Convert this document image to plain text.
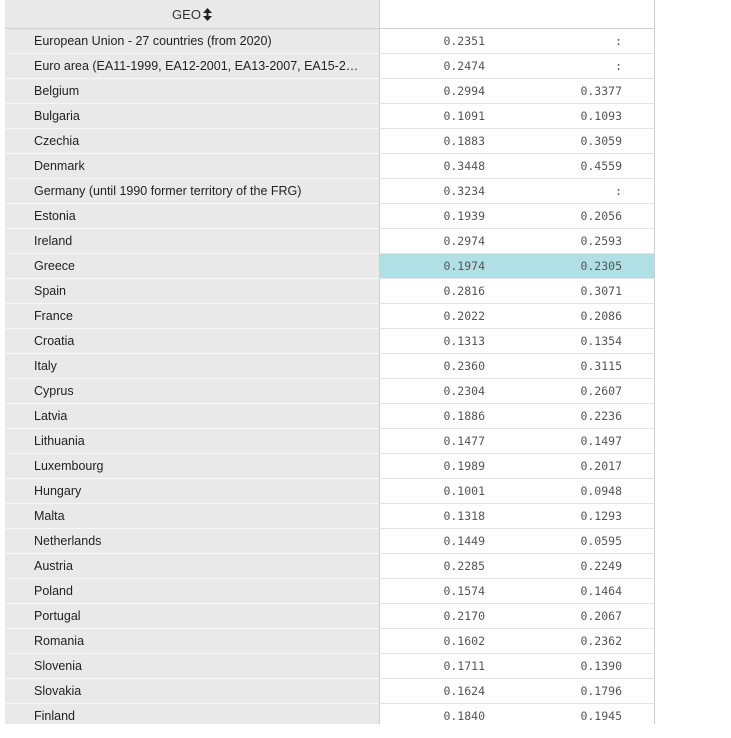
GEO
European Union - 27 countries (from 2020)	0.2351	:
Euro area (EA11-1999, EA12-2001, EA13-2007, EA15-2…	0.2474	:
Belgium	0.2994	0.3377
Bulgaria	0.1091	0.1093
Czechia	0.1883	0.3059
Denmark	0.3448	0.4559
Germany (until 1990 former territory of the FRG)	0.3234	:
Estonia	0.1939	0.2056
Ireland	0.2974	0.2593
Greece	0.1974	0.2305
Spain	0.2816	0.3071
France	0.2022	0.2086
Croatia	0.1313	0.1354
Italy	0.2360	0.3115
Cyprus	0.2304	0.2607
Latvia	0.1886	0.2236
Lithuania	0.1477	0.1497
Luxembourg	0.1989	0.2017
Hungary	0.1001	0.0948
Malta	0.1318	0.1293
Netherlands	0.1449	0.0595
Austria	0.2285	0.2249
Poland	0.1574	0.1464
Portugal	0.2170	0.2067
Romania	0.1602	0.2362
Slovenia	0.1711	0.1390
Slovakia	0.1624	0.1796
Finland	0.1840	0.1945
